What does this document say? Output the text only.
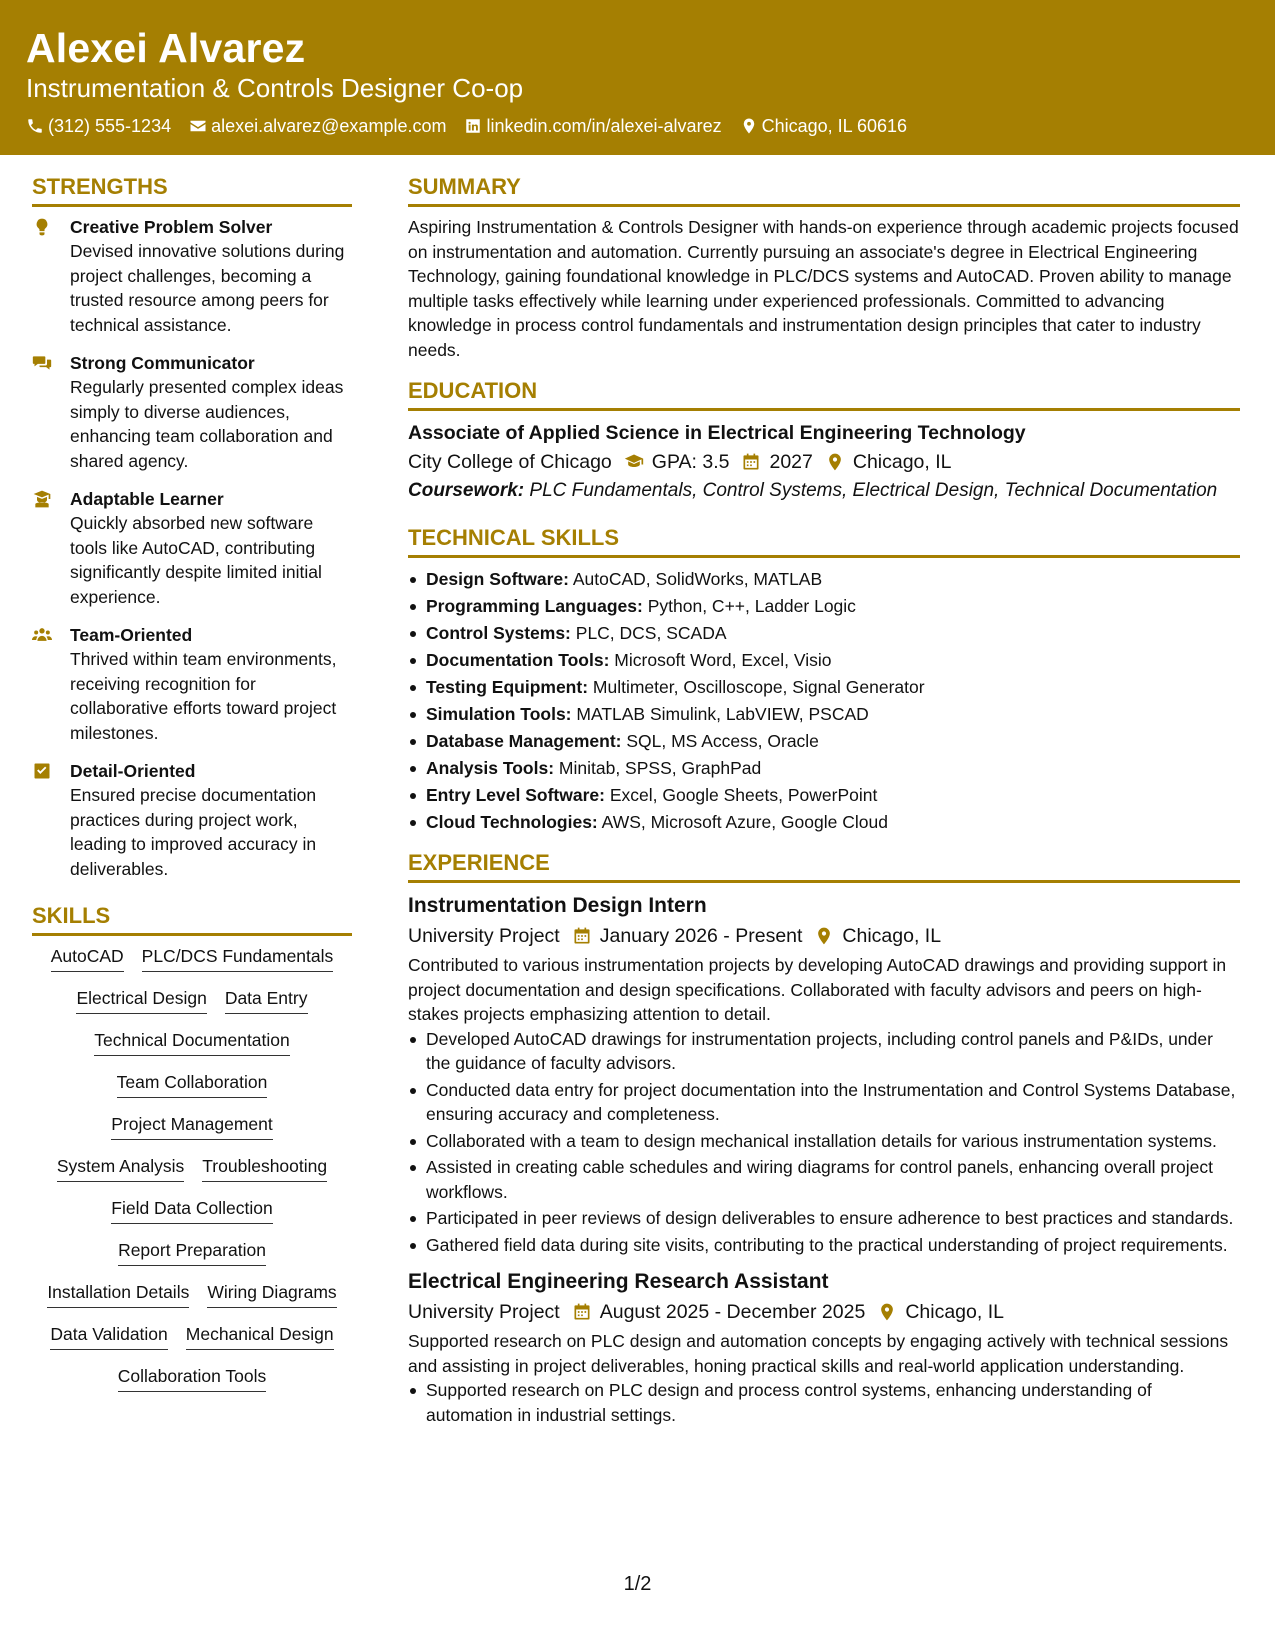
Alexei Alvarez
Instrumentation & Controls Designer Co-op
(312) 555-1234 alexei.alvarez@example.com linkedin.com/in/alexei-alvarez Chicago, IL 60616
STRENGTHS
Creative Problem Solver
Devised innovative solutions during project challenges, becoming a trusted resource among peers for technical assistance.
Strong Communicator
Regularly presented complex ideas simply to diverse audiences, enhancing team collaboration and shared agency.
Adaptable Learner
Quickly absorbed new software tools like AutoCAD, contributing significantly despite limited initial experience.
Team-Oriented
Thrived within team environments, receiving recognition for collaborative efforts toward project milestones.
Detail-Oriented
Ensured precise documentation practices during project work, leading to improved accuracy in deliverables.
SKILLS
AutoCAD PLC/DCS Fundamentals
Electrical Design Data Entry
Technical Documentation
Team Collaboration
Project Management
System Analysis Troubleshooting
Field Data Collection
Report Preparation
Installation Details Wiring Diagrams
Data Validation Mechanical Design
Collaboration Tools
SUMMARY
Aspiring Instrumentation & Controls Designer with hands-on experience through academic projects focused on instrumentation and automation. Currently pursuing an associate's degree in Electrical Engineering Technology, gaining foundational knowledge in PLC/DCS systems and AutoCAD. Proven ability to manage multiple tasks effectively while learning under experienced professionals. Committed to advancing knowledge in process control fundamentals and instrumentation design principles that cater to industry needs.
EDUCATION
Associate of Applied Science in Electrical Engineering Technology
City College of Chicago GPA: 3.5 2027 Chicago, IL
Coursework: PLC Fundamentals, Control Systems, Electrical Design, Technical Documentation
TECHNICAL SKILLS
Design Software: AutoCAD, SolidWorks, MATLAB
Programming Languages: Python, C++, Ladder Logic
Control Systems: PLC, DCS, SCADA
Documentation Tools: Microsoft Word, Excel, Visio
Testing Equipment: Multimeter, Oscilloscope, Signal Generator
Simulation Tools: MATLAB Simulink, LabVIEW, PSCAD
Database Management: SQL, MS Access, Oracle
Analysis Tools: Minitab, SPSS, GraphPad
Entry Level Software: Excel, Google Sheets, PowerPoint
Cloud Technologies: AWS, Microsoft Azure, Google Cloud
EXPERIENCE
Instrumentation Design Intern
University Project January 2026 - Present Chicago, IL
Contributed to various instrumentation projects by developing AutoCAD drawings and providing support in project documentation and design specifications. Collaborated with faculty advisors and peers on high-stakes projects emphasizing attention to detail.
Developed AutoCAD drawings for instrumentation projects, including control panels and P&IDs, under the guidance of faculty advisors.
Conducted data entry for project documentation into the Instrumentation and Control Systems Database, ensuring accuracy and completeness.
Collaborated with a team to design mechanical installation details for various instrumentation systems.
Assisted in creating cable schedules and wiring diagrams for control panels, enhancing overall project workflows.
Participated in peer reviews of design deliverables to ensure adherence to best practices and standards.
Gathered field data during site visits, contributing to the practical understanding of project requirements.
Electrical Engineering Research Assistant
University Project August 2025 - December 2025 Chicago, IL
Supported research on PLC design and automation concepts by engaging actively with technical sessions and assisting in project deliverables, honing practical skills and real-world application understanding.
Supported research on PLC design and process control systems, enhancing understanding of automation in industrial settings.
1/2
